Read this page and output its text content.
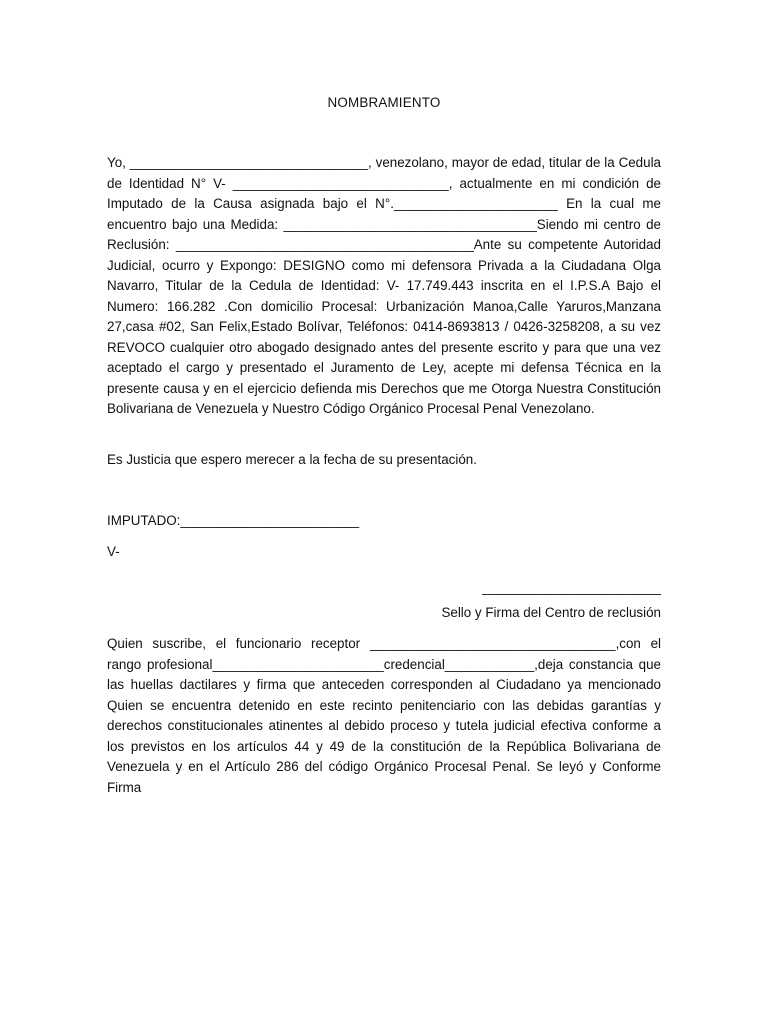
NOMBRAMIENTO
Yo, ________________________________, venezolano, mayor de edad, titular de la Cedula de Identidad N° V- _____________________________, actualmente en mi condición de Imputado de la Causa asignada bajo el N°.______________________ En la cual me encuentro bajo una Medida: __________________________________Siendo mi centro de Reclusión: ________________________________________Ante su competente Autoridad Judicial, ocurro y Expongo: DESIGNO como mi defensora Privada a la Ciudadana Olga Navarro, Titular de la Cedula de Identidad: V- 17.749.443 inscrita en el I.P.S.A Bajo el Numero: 166.282 .Con domicilio Procesal: Urbanización Manoa,Calle Yaruros,Manzana 27,casa #02, San Felix,Estado Bolívar, Teléfonos: 0414-8693813 / 0426-3258208, a su vez REVOCO cualquier otro abogado designado antes del presente escrito y para que una vez aceptado el cargo y presentado el Juramento de Ley, acepte mi defensa Técnica en la presente causa y en el ejercicio defienda mis Derechos que me Otorga Nuestra Constitución Bolivariana de Venezuela y Nuestro Código Orgánico Procesal Penal Venezolano.
Es Justicia que espero merecer a la fecha de su presentación.
IMPUTADO:________________________
V-
________________________
Sello y Firma del Centro de reclusión
Quien suscribe, el funcionario receptor _________________________________,con el rango profesional_______________________credencial____________,deja constancia que las huellas dactilares y firma que anteceden corresponden al Ciudadano ya mencionado Quien se encuentra detenido en este recinto penitenciario con las debidas garantías y derechos constitucionales atinentes al debido proceso y tutela judicial efectiva conforme a los previstos en los artículos 44 y 49 de la constitución de la República Bolivariana de Venezuela y en el Artículo 286 del código Orgánico Procesal Penal. Se leyó y Conforme Firma
